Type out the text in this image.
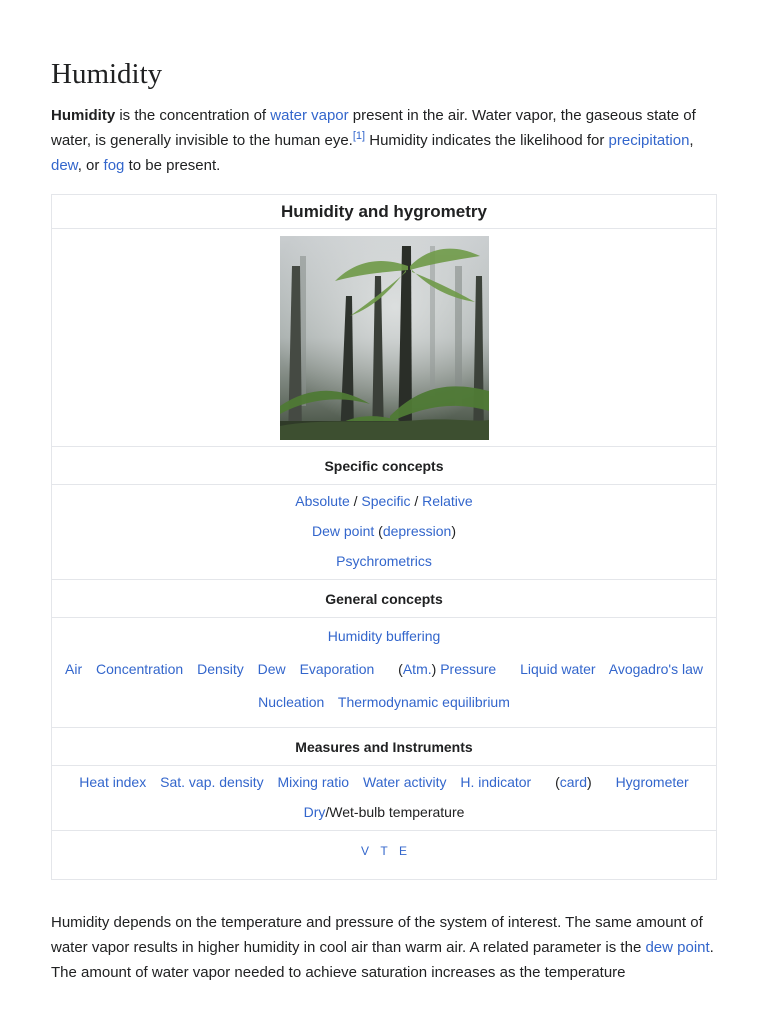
Humidity

Humidity is the concentration of water vapor present in the air. Water vapor, the gaseous state of water, is generally invisible to the human eye.[1] Humidity indicates the likelihood for precipitation,
dew, or fog to be present.

Humidity and hygrometry
Specific concepts
Absolute / Specific / Relative
Dew point (depression)
Psychrometrics
General concepts
Humidity buffering
Air Concentration Density Dew Evaporation (Atm.) Pressure Liquid water Avogadro's law
Nucleation Thermodynamic equilibrium
Measures and Instruments
Heat index Sat. vap. density Mixing ratio Water activity H. indicator (card) Hygrometer
Dry/Wet-bulb temperature
V T E

Humidity depends on the temperature and pressure of the system of interest. The same amount of water vapor results in higher humidity in cool air than warm air. A related parameter is the dew point. The amount of water vapor needed to achieve saturation increases as the temperature
